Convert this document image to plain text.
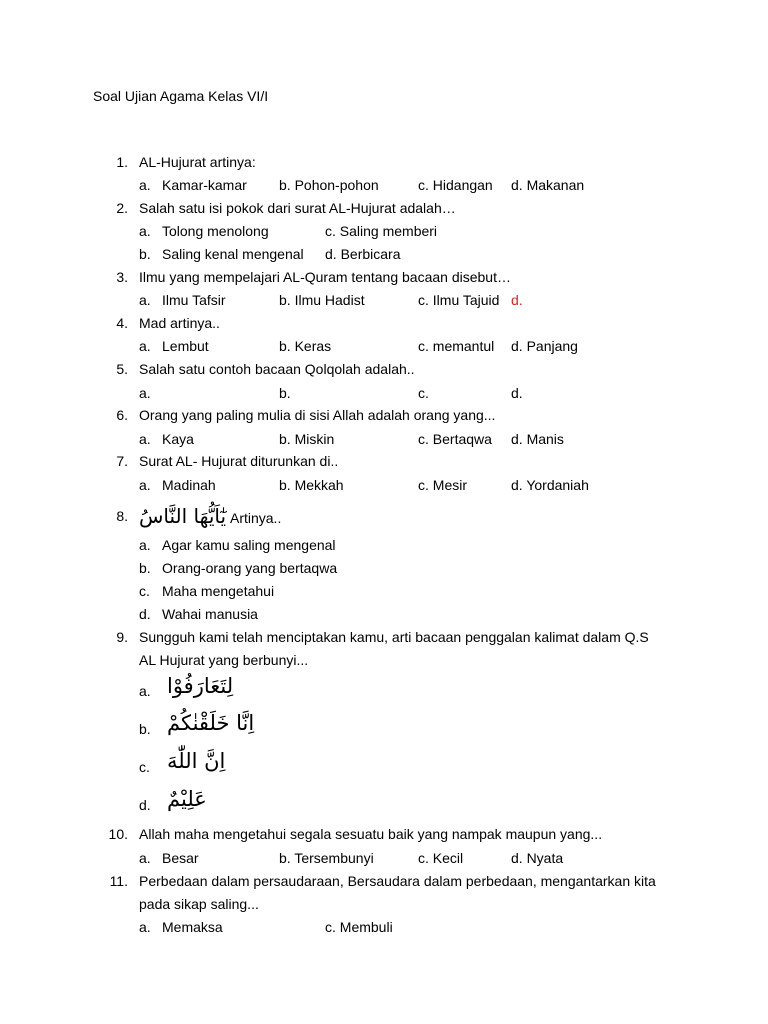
Soal Ujian Agama Kelas VI/I
1. AL-Hujurat artinya:
a. Kamar-kamar b. Pohon-pohon	c. Hidangan d. Makanan
2. Salah satu isi pokok dari surat AL-Hujurat adalah…
a. Tolong menolong	c. Saling memberi
b. Saling kenal mengenal d. Berbicara
3. Ilmu yang mempelajari AL-Quram tentang bacaan disebut…
a. Ilmu Tafsir	b. Ilmu Hadist	c. Ilmu Tajuid d.
4. Mad artinya..
a. Lembut	b. Keras	c. memantul d. Panjang
5. Salah satu contoh bacaan Qolqolah adalah..
a.	b.	c.	d.
6. Orang yang paling mulia di sisi Allah adalah orang yang...
a. Kaya	b. Miskin	c. Bertaqwa d. Manis
7. Surat AL- Hujurat diturunkan di..
a. Madinah	b. Mekkah	c. Mesir	d. Yordaniah
8. يٰٓاَيُّهَا النَّاسُ Artinya..
a. Agar kamu saling mengenal
b. Orang-orang yang bertaqwa
c. Maha mengetahui
d. Wahai manusia
9. Sungguh kami telah menciptakan kamu, arti bacaan penggalan kalimat dalam Q.S
AL Hujurat yang berbunyi...
a. لِتَعَارَفُوْا
b. اِنَّا خَلَقْنٰكُمْ
c. اِنَّ اللّٰهَ
d. عَلِيْمٌ
10. Allah maha mengetahui segala sesuatu baik yang nampak maupun yang...
a. Besar	b. Tersembunyi	c. Kecil	d. Nyata
11. Perbedaan dalam persaudaraan, Bersaudara dalam perbedaan, mengantarkan kita
pada sikap saling...
a. Memaksa	c. Membuli
